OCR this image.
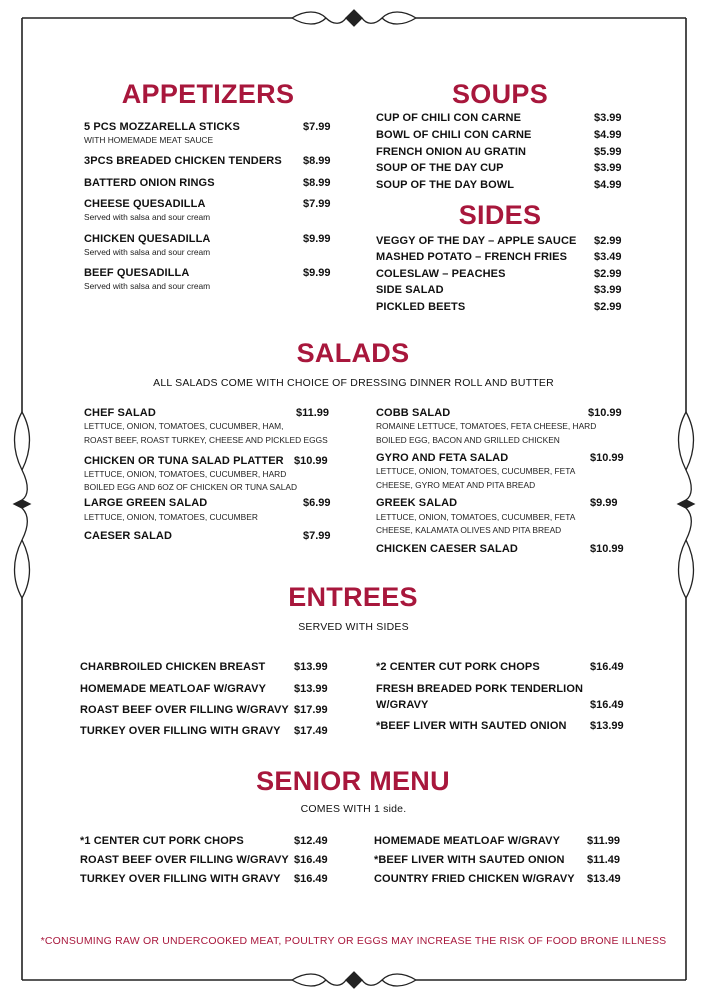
APPETIZERS
5 PCS MOZZARELLA STICKS	$7.99
WITH HOMEMADE MEAT SAUCE
3PCS BREADED CHICKEN TENDERS $8.99
BATTERD ONION RINGS	$8.99
CHEESE QUESADILLA	$7.99
Served with salsa and sour cream
CHICKEN QUESADILLA	$9.99
Served with salsa and sour cream
BEEF QUESADILLA	$9.99
Served with salsa and sour cream
SOUPS
CUP OF CHILI CON CARNE	$3.99
BOWL OF CHILI CON CARNE	$4.99
FRENCH ONION AU GRATIN	$5.99
SOUP OF THE DAY CUP	$3.99
SOUP OF THE DAY BOWL	$4.99
SIDES
VEGGY OF THE DAY – APPLE SAUCE $2.99
MASHED POTATO – FRENCH FRIES $3.49
COLESLAW – PEACHES	$2.99
SIDE SALAD	$3.99
PICKLED BEETS	$2.99
SALADS
ALL SALADS COME WITH CHOICE OF DRESSING DINNER ROLL AND BUTTER
CHEF SALAD	$11.99
LETTUCE, ONION, TOMATOES, CUCUMBER, HAM,
ROAST BEEF, ROAST TURKEY, CHEESE AND PICKLED EGGS
CHICKEN OR TUNA SALAD PLATTER $10.99
LETTUCE, ONION, TOMATOES, CUCUMBER, HARD
BOILED EGG AND 6OZ OF CHICKEN OR TUNA SALAD
LARGE GREEN SALAD	$6.99
LETTUCE, ONION, TOMATOES, CUCUMBER
CAESER SALAD	$7.99
COBB SALAD	$10.99
ROMAINE LETTUCE, TOMATOES, FETA CHEESE, HARD
BOILED EGG, BACON AND GRILLED CHICKEN
GYRO AND FETA SALAD	$10.99
LETTUCE, ONION, TOMATOES, CUCUMBER, FETA
CHEESE, GYRO MEAT AND PITA BREAD
GREEK SALAD	$9.99
LETTUCE, ONION, TOMATOES, CUCUMBER, FETA
CHEESE, KALAMATA OLIVES AND PITA BREAD
CHICKEN CAESER SALAD	$10.99
ENTREES
SERVED WITH SIDES
CHARBROILED CHICKEN BREAST	$13.99
HOMEMADE MEATLOAF W/GRAVY	$13.99
ROAST BEEF OVER FILLING W/GRAVY $17.99
TURKEY OVER FILLING WITH GRAVY $17.49
*2 CENTER CUT PORK CHOPS	$16.49
FRESH BREADED PORK TENDERLION
W/GRAVY	$16.49
*BEEF LIVER WITH SAUTED ONION $13.99
SENIOR MENU
COMES WITH 1 side.
*1 CENTER CUT PORK CHOPS	$12.49
ROAST BEEF OVER FILLING W/GRAVY $16.49
TURKEY OVER FILLING WITH GRAVY $16.49
HOMEMADE MEATLOAF W/GRAVY $11.99
*BEEF LIVER WITH SAUTED ONION $11.49
COUNTRY FRIED CHICKEN W/GRAVY $13.49
*CONSUMING RAW OR UNDERCOOKED MEAT, POULTRY OR EGGS MAY INCREASE THE RISK OF FOOD BRONE ILLNESS
